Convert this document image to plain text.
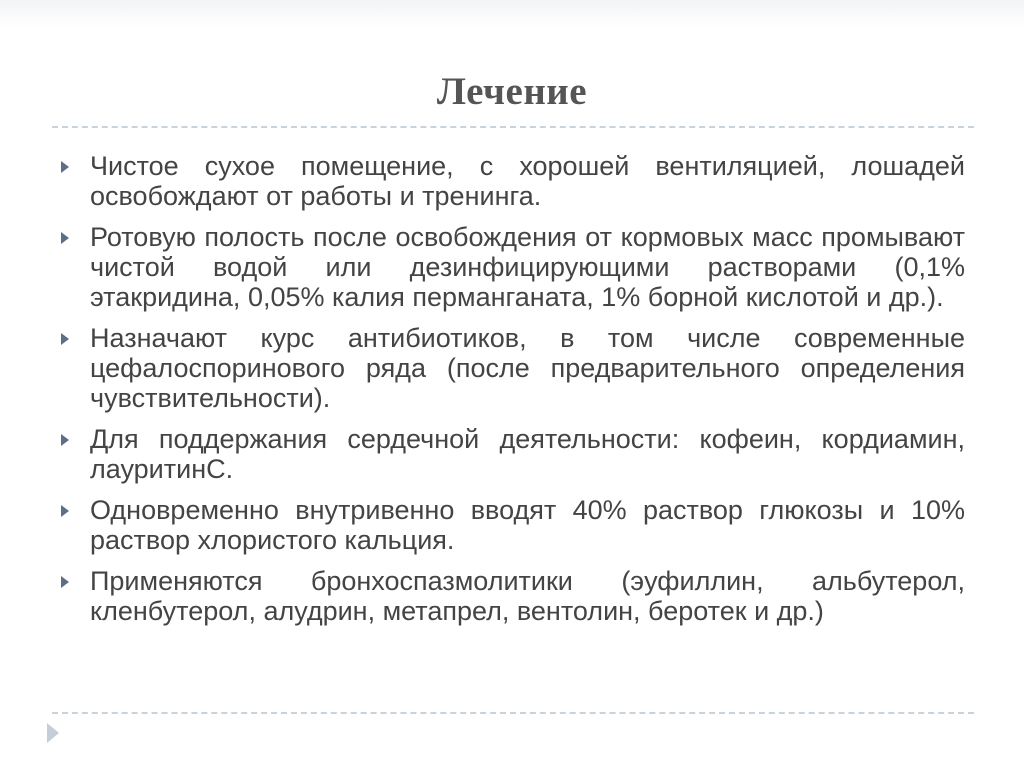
Лечение
Чистое сухое помещение, с хорошей вентиляцией, лошадей освобождают от работы и тренинга.
Ротовую полость после освобождения от кормовых масс промывают чистой водой или дезинфицирующими растворами (0,1% этакридина, 0,05% калия перманганата, 1% борной кислотой и др.).
Назначают курс антибиотиков, в том числе современные цефалоспоринового ряда (после предварительного определения чувствительности).
Для поддержания сердечной деятельности: кофеин, кордиамин, лауритинС.
Одновременно внутривенно вводят 40% раствор глюкозы и 10% раствор хлористого кальция.
Применяются бронхоспазмолитики (эуфиллин, альбутерол, кленбутерол, алудрин, метапрел, вентолин, беротек и др.)
